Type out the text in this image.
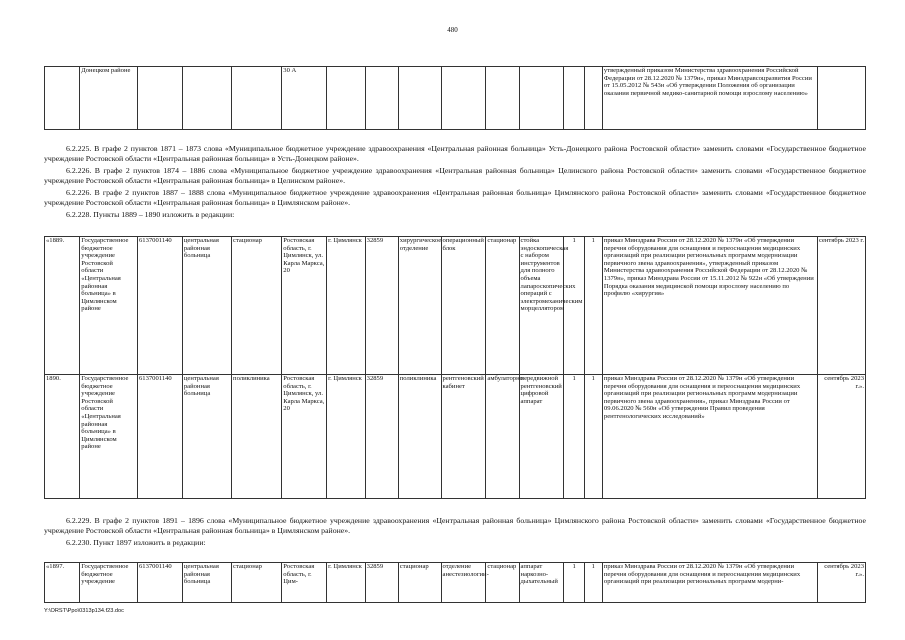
480
	Донецком районе				30 А									утвержденный приказом Министерства здравоохранения Российской Федерации от 28.12.2020 № 1379н», приказ Минздравсоцразвития России от 15.05.2012 № 543н «Об утверждении Положения об организации оказания первичной медико-санитарной помощи взрослому населению»	
6.2.225. В графе 2 пунктов 1871 – 1873 слова «Муниципальное бюджетное учреждение здравоохранения «Центральная районная больница» Усть-Донецкого района Ростовской области» заменить словами «Государственное бюджетное учреждение Ростовской области «Центральная районная больница» в Усть-Донецком районе».
6.2.226. В графе 2 пунктов 1874 – 1886 слова «Муниципальное бюджетное учреждение здравоохранения «Центральная районная больница» Целинского района Ростовской области» заменить словами «Государственное бюджетное учреждение Ростовской области «Центральная районная больница» в Целинском районе».
6.2.226. В графе 2 пунктов 1887 – 1888 слова «Муниципальное бюджетное учреждение здравоохранения «Центральная районная больница» Цимлянского района Ростовской области» заменить словами «Государственное бюджетное учреждение Ростовской области «Центральная районная больница» в Цимлянском районе».
6.2.228. Пункты 1889 – 1890 изложить в редакции:
«1889.	Государственное бюджетное учреждение Ростовской области «Центральная районная больница» в Цимлянском районе	6137001140	центральная районная больница	стационар	Ростовская область, г. Цимлянск, ул. Карла Маркса, 20	г. Цимлянск	32859	хирургическое отделение	операционный блок	стационар	стойка эндоскопическая с набором инструментов для полного объема лапароскопических операций с электромеханическим морцеллятором	1	1	приказ Минздрава России от 28.12.2020 № 1379н «Об утверждении перечня оборудования для оснащения и переоснащения медицинских организаций при реализации региональных программ модернизации первичного звена здравоохранения», утвержденный приказом Министерства здравоохранения Российской Федерации от 28.12.2020 № 1379н», приказ Минздрава России от 15.11.2012 № 922н «Об утверждении Порядка оказания медицинской помощи взрослому населению по профилю «хирургия»	сентябрь 2023 г.
1890.	Государственное бюджетное учреждение Ростовской области «Центральная районная больница» в Цимлянском районе	6137001140	центральная районная больница	поликлиника	Ростовская область, г. Цимлянск, ул. Карла Маркса, 20	г. Цимлянск	32859	поликлиника	рентгеновский кабинет	амбулаторно	передвижной рентгеновский цифровой аппарат	1	1	приказ Минздрава России от 28.12.2020 № 1379н «Об утверждении перечня оборудования для оснащения и переоснащения медицинских организаций при реализации региональных программ модернизации первичного звена здравоохранения», приказ Минздрава России от 09.06.2020 № 560н «Об утверждении Правил проведения рентгенологических исследований»	сентябрь 2023 г.».
6.2.229. В графе 2 пунктов 1891 – 1896 слова «Муниципальное бюджетное учреждение здравоохранения «Центральная районная больница» Цимлянского района Ростовской области» заменить словами «Государственное бюджетное учреждение Ростовской области «Центральная районная больница» в Цимлянском районе».
6.2.230. Пункт 1897 изложить в редакции:
«1897.	Государственное бюджетное учреждение	6137001140	центральная районная больница	стационар	Ростовская область, г. Цим-	г. Цимлянск	32859	стационар	отделение анестезиологии-	стационар	аппарат наркозно-дыхательный	1	1	приказ Минздрава России от 28.12.2020 № 1379н «Об утверждении перечня оборудования для оснащения и переоснащения медицинских организаций при реализации региональных программ модерни-	сентябрь 2023 г.».
Y:\ORST\Ppo\0313p134.f23.doc
